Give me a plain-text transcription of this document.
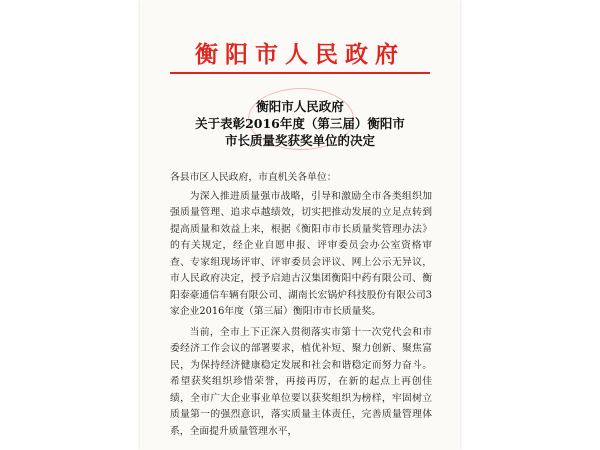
衡阳市人民政府
衡阳市人民政府
关于表彰2016年度（第三届）衡阳市
市长质量奖获奖单位的决定

各县市区人民政府，市直机关各单位：

为深入推进质量强市战略，引导和激励全市各类组织加强质量管理、追求卓越绩效，切实把推动发展的立足点转到提高质量和效益上来，根据《衡阳市市长质量奖管理办法》的有关规定，经企业自愿申报、评审委员会办公室资格审查、专家组现场评审、评审委员会评议、网上公示无异议，市人民政府决定，授予启迪古汉集团衡阳中药有限公司、衡阳泰豪通信车辆有限公司、湖南长宏锅炉科技股份有限公司3家企业2016年度（第三届）衡阳市市长质量奖。

当前，全市上下正深入贯彻落实市第十一次党代会和市委经济工作会议的部署要求，植优补短、聚力创新、聚焦富民，为保持经济健康稳定发展和社会和谐稳定而努力奋斗。希望获奖组织珍惜荣誉，再接再厉，在新的起点上再创佳绩，全市广大企业事业单位要以获奖组织为榜样，牢固树立质量第一的强烈意识，落实质量主体责任，完善质量管理体系，全面提升质量管理水平，
